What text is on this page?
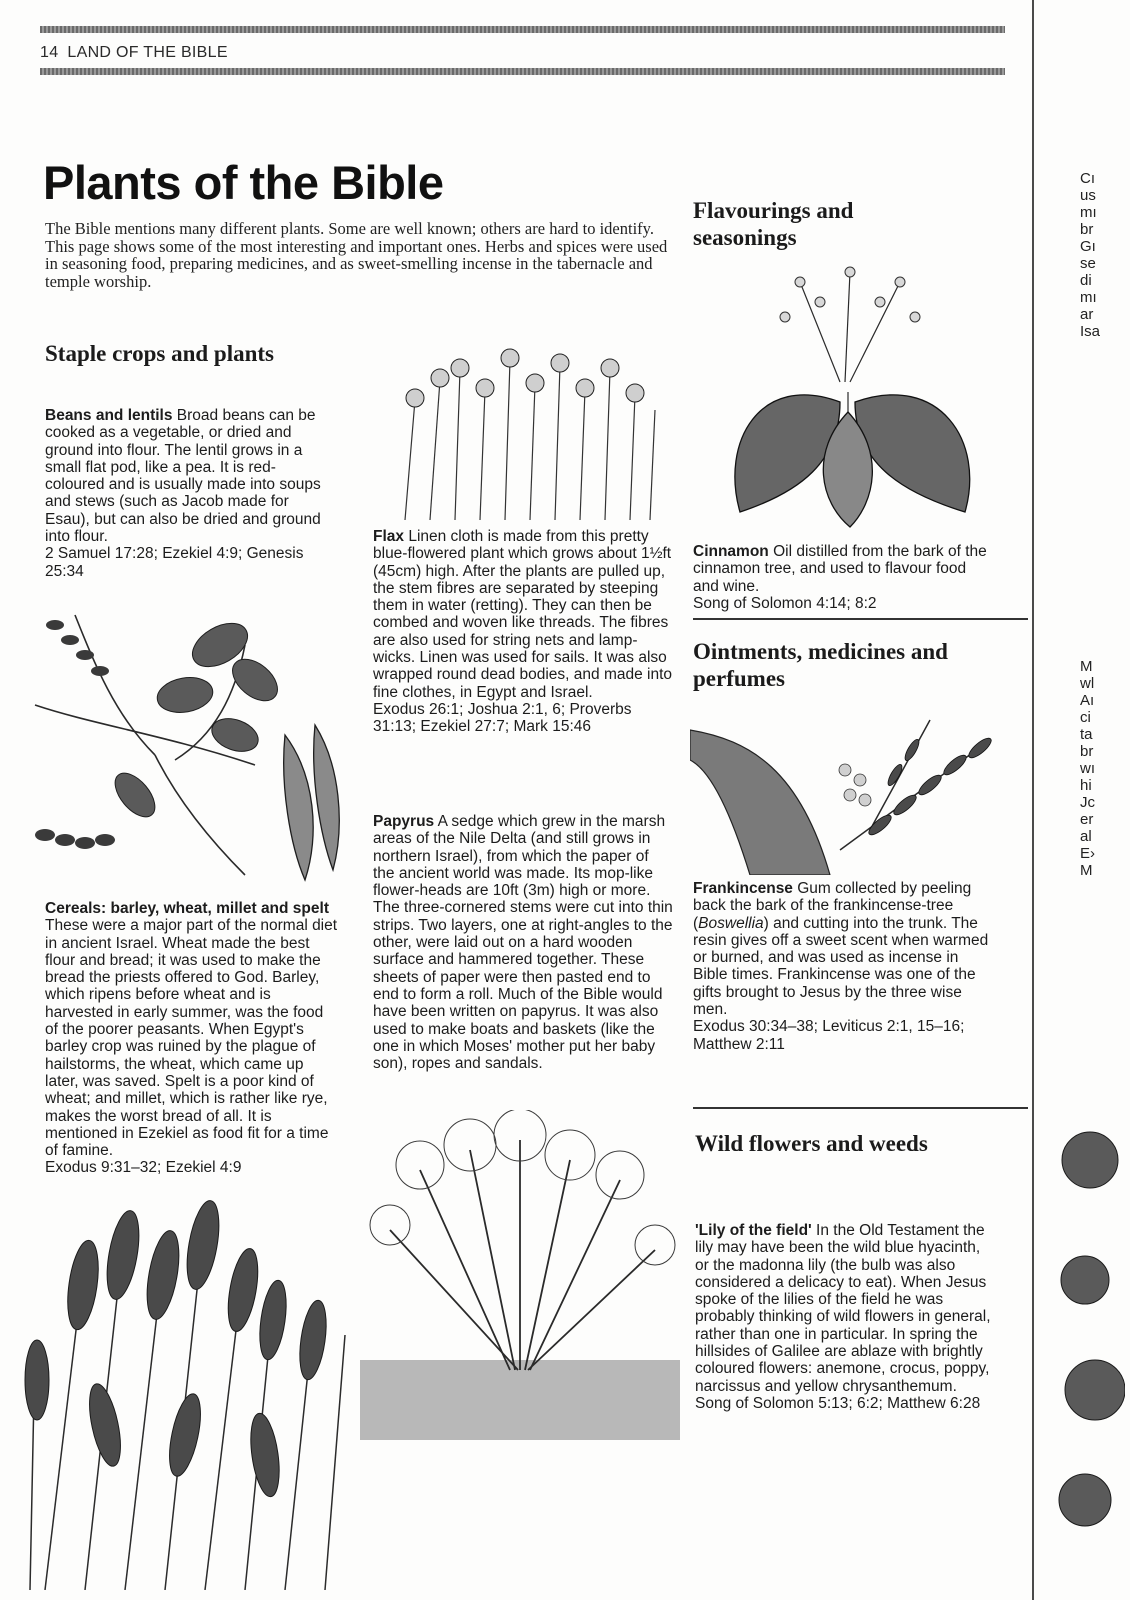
14 LAND OF THE BIBLE
Plants of the Bible
The Bible mentions many different plants. Some are well known; others are hard to identify. This page shows some of the most interesting and important ones. Herbs and spices were used in seasoning food, preparing medicines, and as sweet-smelling incense in the tabernacle and temple worship.
Staple crops and plants
Beans and lentils Broad beans can be cooked as a vegetable, or dried and ground into flour. The lentil grows in a small flat pod, like a pea. It is red-coloured and is usually made into soups and stews (such as Jacob made for Esau), but can also be dried and ground into flour.
2 Samuel 17:28; Ezekiel 4:9; Genesis 25:34
Cereals: barley, wheat, millet and spelt These were a major part of the normal diet in ancient Israel. Wheat made the best flour and bread; it was used to make the bread the priests offered to God. Barley, which ripens before wheat and is harvested in early summer, was the food of the poorer peasants. When Egypt's barley crop was ruined by the plague of hailstorms, the wheat, which came up later, was saved. Spelt is a poor kind of wheat; and millet, which is rather like rye, makes the worst bread of all. It is mentioned in Ezekiel as food fit for a time of famine.
Exodus 9:31–32; Ezekiel 4:9
Flax Linen cloth is made from this pretty blue-flowered plant which grows about 1½ft (45cm) high. After the plants are pulled up, the stem fibres are separated by steeping them in water (retting). They can then be combed and woven like threads. The fibres are also used for string nets and lamp-wicks. Linen was used for sails. It was also wrapped round dead bodies, and made into fine clothes, in Egypt and Israel.
Exodus 26:1; Joshua 2:1, 6; Proverbs 31:13; Ezekiel 27:7; Mark 15:46
Papyrus A sedge which grew in the marsh areas of the Nile Delta (and still grows in northern Israel), from which the paper of the ancient world was made. Its mop-like flower-heads are 10ft (3m) high or more. The three-cornered stems were cut into thin strips. Two layers, one at right-angles to the other, were laid out on a hard wooden surface and hammered together. These sheets of paper were then pasted end to end to form a roll. Much of the Bible would have been written on papyrus. It was also used to make boats and baskets (like the one in which Moses' mother put her baby son), ropes and sandals.
Flavourings and seasonings
Cinnamon Oil distilled from the bark of the cinnamon tree, and used to flavour food and wine.
Song of Solomon 4:14; 8:2
Ointments, medicines and perfumes
Frankincense Gum collected by peeling back the bark of the frankincense-tree (Boswellia) and cutting into the trunk. The resin gives off a sweet scent when warmed or burned, and was used as incense in Bible times. Frankincense was one of the gifts brought to Jesus by the three wise men.
Exodus 30:34–38; Leviticus 2:1, 15–16; Matthew 2:11
Wild flowers and weeds
'Lily of the field' In the Old Testament the lily may have been the wild blue hyacinth, or the madonna lily (the bulb was also considered a delicacy to eat). When Jesus spoke of the lilies of the field he was probably thinking of wild flowers in general, rather than one in particular. In spring the hillsides of Galilee are ablaze with brightly coloured flowers: anemone, crocus, poppy, narcissus and yellow chrysanthemum.
Song of Solomon 5:13; 6:2; Matthew 6:28
Cı
us
mı
br
Gı
se
di
mı
ar
Isa
M
wl
Aı
ci
ta
br
wı
hi
Jc
er
al
E›
M
